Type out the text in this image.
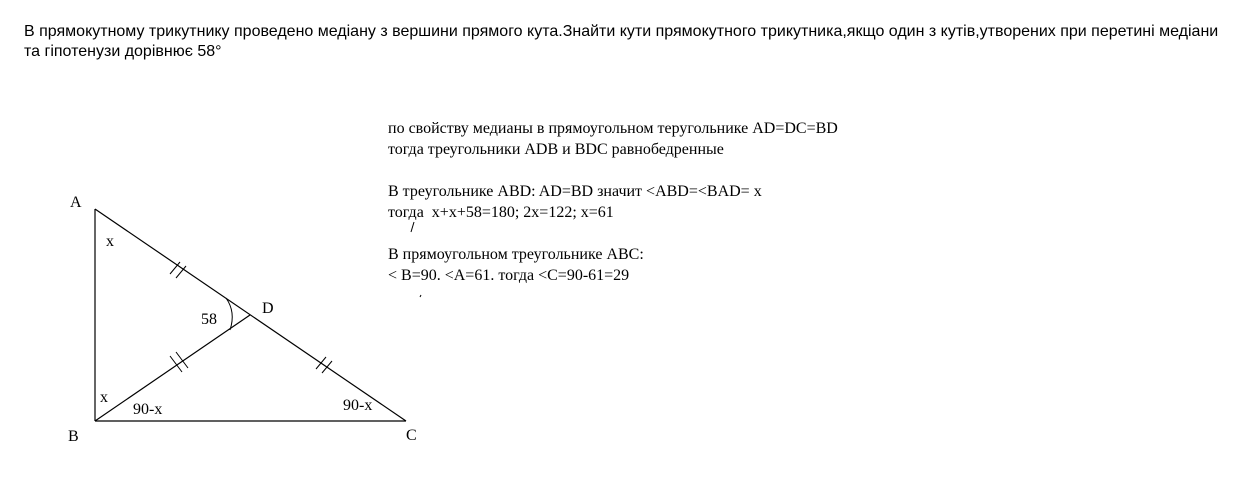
В прямокутному трикутнику проведено медіану з вершини прямого кута.Знайти кути прямокутного трикутника,якщо один з кутів,утворених при перетині медіани та гіпотенузи дорівнює 58°
по свойству медианы в прямоугольном теругольнике AD=DC=BD
тогда треугольники ADB и BDC равнобедренные
В треугольнике ABD: AD=BD значит <ABD=<BAD= x
тогда  x+x+58=180; 2x=122; x=61
В прямоугольном треугольнике ABC:
< B=90. <A=61. тогда <C=90-61=29
A
B	C
D
x
x
90-x	90-x
58
